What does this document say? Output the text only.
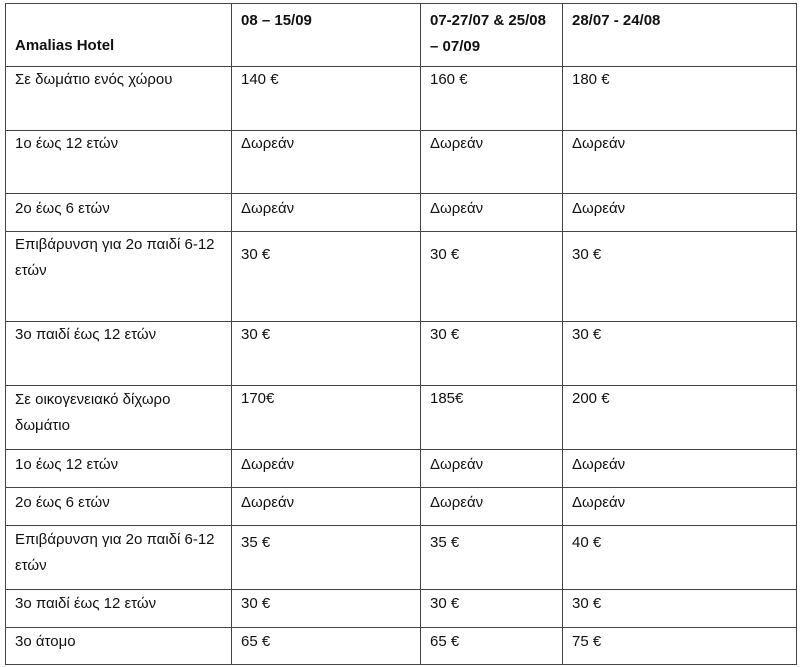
Amalias Hotel	08 – 15/09	07-27/07 & 25/08 – 07/09	28/07 - 24/08
Σε δωμάτιο ενός χώρου	140 €	160 €	180 €
1ο έως 12 ετών	Δωρεάν	Δωρεάν	Δωρεάν
2ο έως 6 ετών	Δωρεάν	Δωρεάν	Δωρεάν
Επιβάρυνση για 2ο παιδί 6-12 ετών	30 €	30 €	30 €
3ο παιδί έως 12 ετών	30 €	30 €	30 €
Σε οικογενειακό δίχωρο δωμάτιο	170€	185€	200 €
1ο έως 12 ετών	Δωρεάν	Δωρεάν	Δωρεάν
2ο έως 6 ετών	Δωρεάν	Δωρεάν	Δωρεάν
Επιβάρυνση για 2ο παιδί 6-12 ετών	35 €	35 €	40 €
3ο παιδί έως 12 ετών	30 €	30 €	30 €
3ο άτομο	65 €	65 €	75 €
